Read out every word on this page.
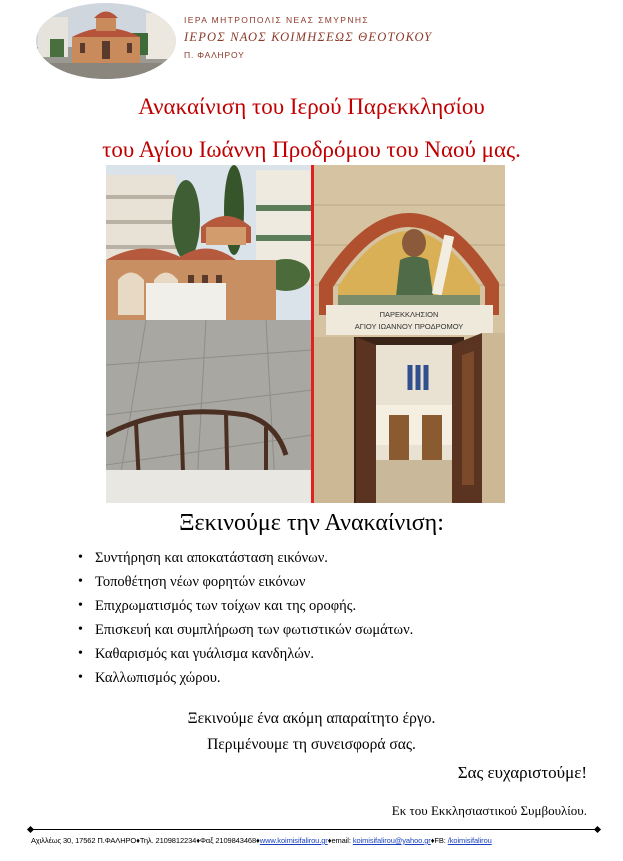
ΙΕΡΑ ΜΗΤΡΟΠΟΛΙΣ ΝΕΑΣ ΣΜΥΡΝΗΣ
ΙΕΡΟΣ ΝΑΟΣ ΚΟΙΜΗΣΕΩΣ ΘΕΟΤΟΚΟΥ
Π. ΦΑΛΗΡΟΥ
Ανακαίνιση του Ιερού Παρεκκλησίου
του Αγίου Ιωάννη Προδρόμου του Ναού μας.
ΠΑΡΕΚΚΛΗΣΙΟΝ
ΑΓΙΟΥ ΙΩΑΝΝΟΥ ΠΡΟΔΡΟΜΟΥ
Ξεκινούμε την Ανακαίνιση:
• Συντήρηση και αποκατάσταση εικόνων.
• Τοποθέτηση νέων φορητών εικόνων
• Επιχρωματισμός των τοίχων και της οροφής.
• Επισκευή και συμπλήρωση των φωτιστικών σωμάτων.
• Καθαρισμός και γυάλισμα κανδηλών.
• Καλλωπισμός χώρου.
Ξεκινούμε ένα ακόμη απαραίτητο έργο.
Περιμένουμε τη συνεισφορά σας.
Σας ευχαριστούμε!
Εκ του Εκκλησιαστικού Συμβουλίου.
Αχιλλέως 30, 17562 Π.ΦΑΛΗΡΟ♦Τηλ. 2109812234♦Φαξ 2109843468♦www.koimisifalirou.gr♦email: koimisifalirou@yahoo.gr♦FB: /koimisifalirou
